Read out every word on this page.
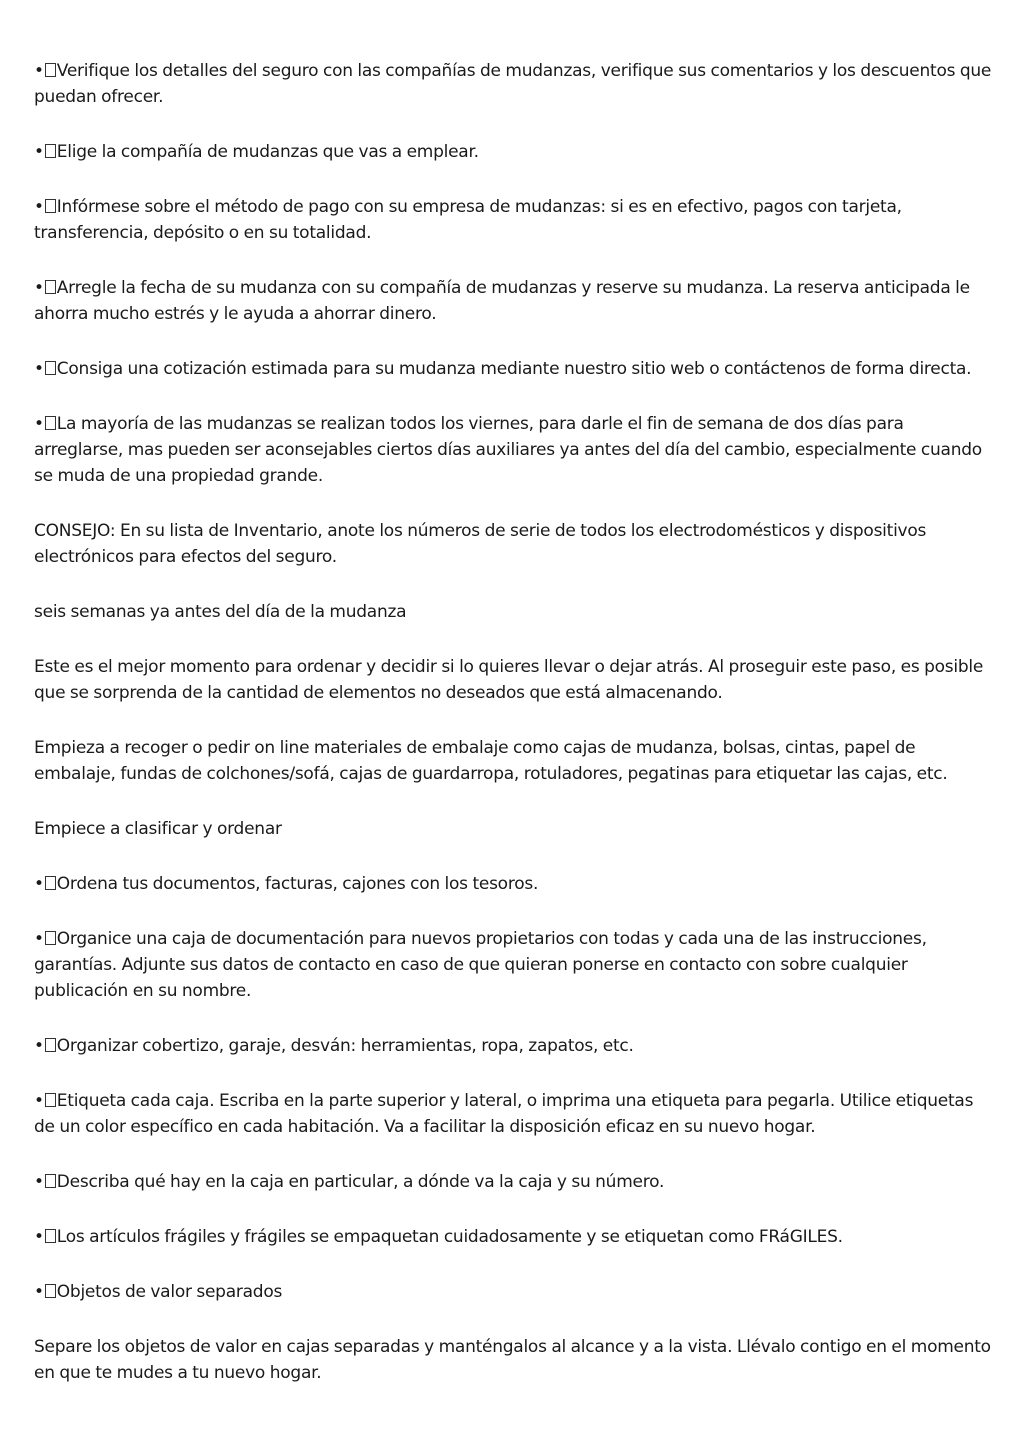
• Verifique los detalles del seguro con las compañías de mudanzas, verifique sus comentarios y los descuentos que puedan ofrecer.

• Elige la compañía de mudanzas que vas a emplear.

• Infórmese sobre el método de pago con su empresa de mudanzas: si es en efectivo, pagos con tarjeta, transferencia, depósito o en su totalidad.

• Arregle la fecha de su mudanza con su compañía de mudanzas y reserve su mudanza. La reserva anticipada le ahorra mucho estrés y le ayuda a ahorrar dinero.

• Consiga una cotización estimada para su mudanza mediante nuestro sitio web o contáctenos de forma directa.

• La mayoría de las mudanzas se realizan todos los viernes, para darle el fin de semana de dos días para arreglarse, mas pueden ser aconsejables ciertos días auxiliares ya antes del día del cambio, especialmente cuando se muda de una propiedad grande.

CONSEJO: En su lista de Inventario, anote los números de serie de todos los electrodomésticos y dispositivos electrónicos para efectos del seguro.

seis semanas ya antes del día de la mudanza

Este es el mejor momento para ordenar y decidir si lo quieres llevar o dejar atrás. Al proseguir este paso, es posible que se sorprenda de la cantidad de elementos no deseados que está almacenando.

Empieza a recoger o pedir on line materiales de embalaje como cajas de mudanza, bolsas, cintas, papel de embalaje, fundas de colchones/sofá, cajas de guardarropa, rotuladores, pegatinas para etiquetar las cajas, etc.

Empiece a clasificar y ordenar

• Ordena tus documentos, facturas, cajones con los tesoros.

• Organice una caja de documentación para nuevos propietarios con todas y cada una de las instrucciones, garantías. Adjunte sus datos de contacto en caso de que quieran ponerse en contacto con sobre cualquier publicación en su nombre.

• Organizar cobertizo, garaje, desván: herramientas, ropa, zapatos, etc.

• Etiqueta cada caja. Escriba en la parte superior y lateral, o imprima una etiqueta para pegarla. Utilice etiquetas de un color específico en cada habitación. Va a facilitar la disposición eficaz en su nuevo hogar.

• Describa qué hay en la caja en particular, a dónde va la caja y su número.

• Los artículos frágiles y frágiles se empaquetan cuidadosamente y se etiquetan como FRáGILES.

• Objetos de valor separados

Separe los objetos de valor en cajas separadas y manténgalos al alcance y a la vista. Llévalo contigo en el momento en que te mudes a tu nuevo hogar.
